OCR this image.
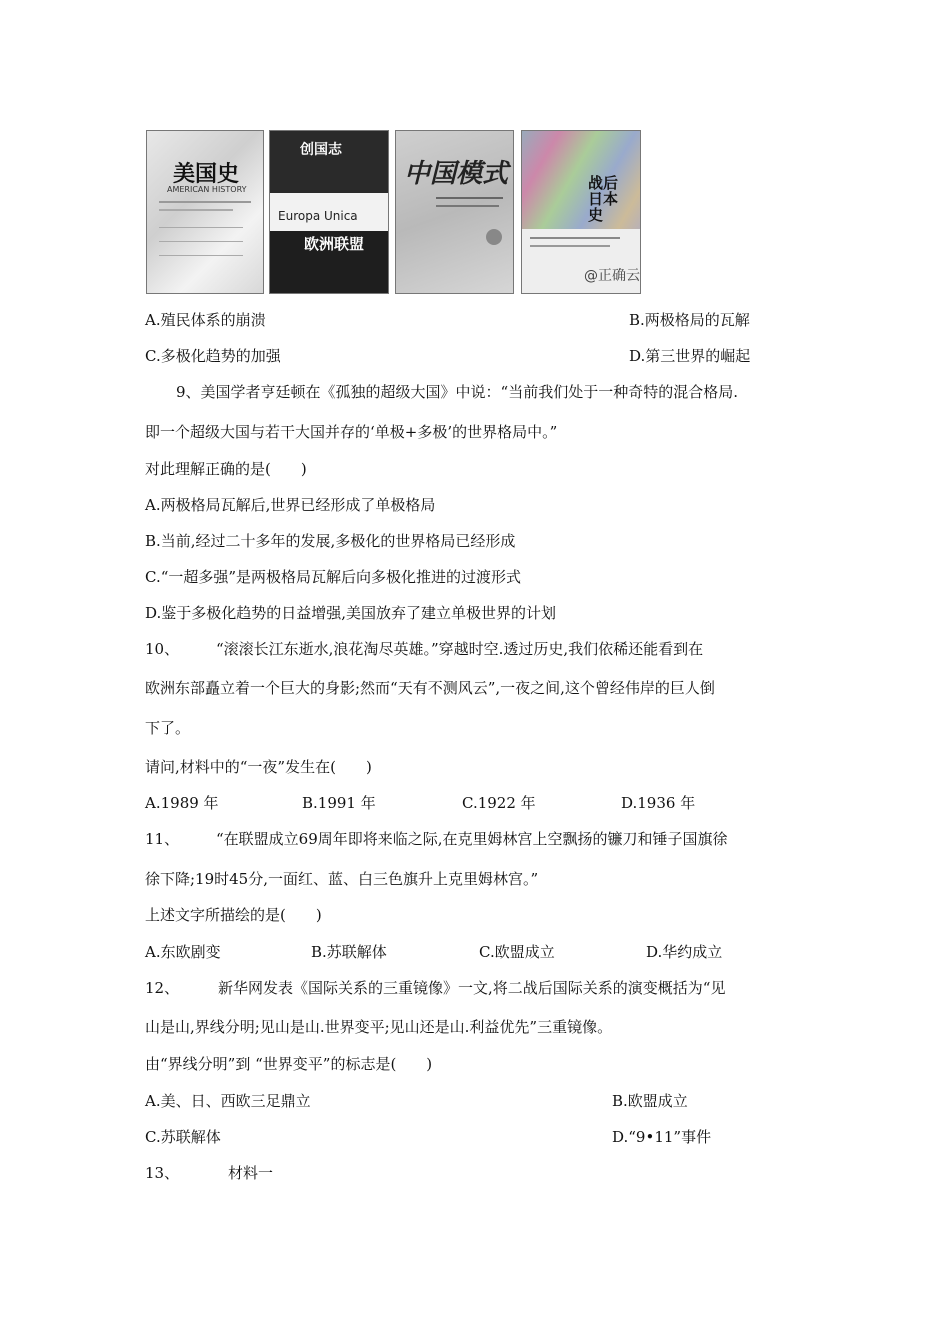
美国史
AMERICAN HISTORY
创国志
Europa Unica
欧洲联盟
中国模式	战后日本史
@正确云
A.殖民体系的崩溃	B.两极格局的瓦解
C.多极化趋势的加强	D.第三世界的崛起
9、美国学者亨廷顿在《孤独的超级大国》中说：“当前我们处于一种奇特的混合格局.
即一个超级大国与若干大国并存的‘单极+多极’的世界格局中。”
对此理解正确的是(　　)
A.两极格局瓦解后,世界已经形成了单极格局
B.当前,经过二十多年的发展,多极化的世界格局已经形成
C.“一超多强”是两极格局瓦解后向多极化推进的过渡形式
D.鉴于多极化趋势的日益增强,美国放弃了建立单极世界的计划
10、 “滚滚长江东逝水,浪花淘尽英雄。”穿越时空.透过历史,我们依稀还能看到在
欧洲东部矗立着一个巨大的身影;然而“天有不测风云”,一夜之间,这个曾经伟岸的巨人倒
下了。
请问,材料中的“一夜”发生在(　　)
A.1989 年	B.1991 年	C.1922 年	D.1936 年
11、 “在联盟成立69周年即将来临之际,在克里姆林宫上空飘扬的镰刀和锤子国旗徐
徐下降;19时45分,一面红、蓝、白三色旗升上克里姆林宫。”
上述文字所描绘的是(　　)
A.东欧剧变	B.苏联解体	C.欧盟成立	D.华约成立
12、	新华网发表《国际关系的三重镜像》一文,将二战后国际关系的演变概括为“见
山是山,界线分明;见山是山.世界变平;见山还是山.利益优先”三重镜像。
由“界线分明”到 “世界变平”的标志是(　　)
A.美、日、西欧三足鼎立	B.欧盟成立
C.苏联解体	D.“9•11”事件
13、	材料一
